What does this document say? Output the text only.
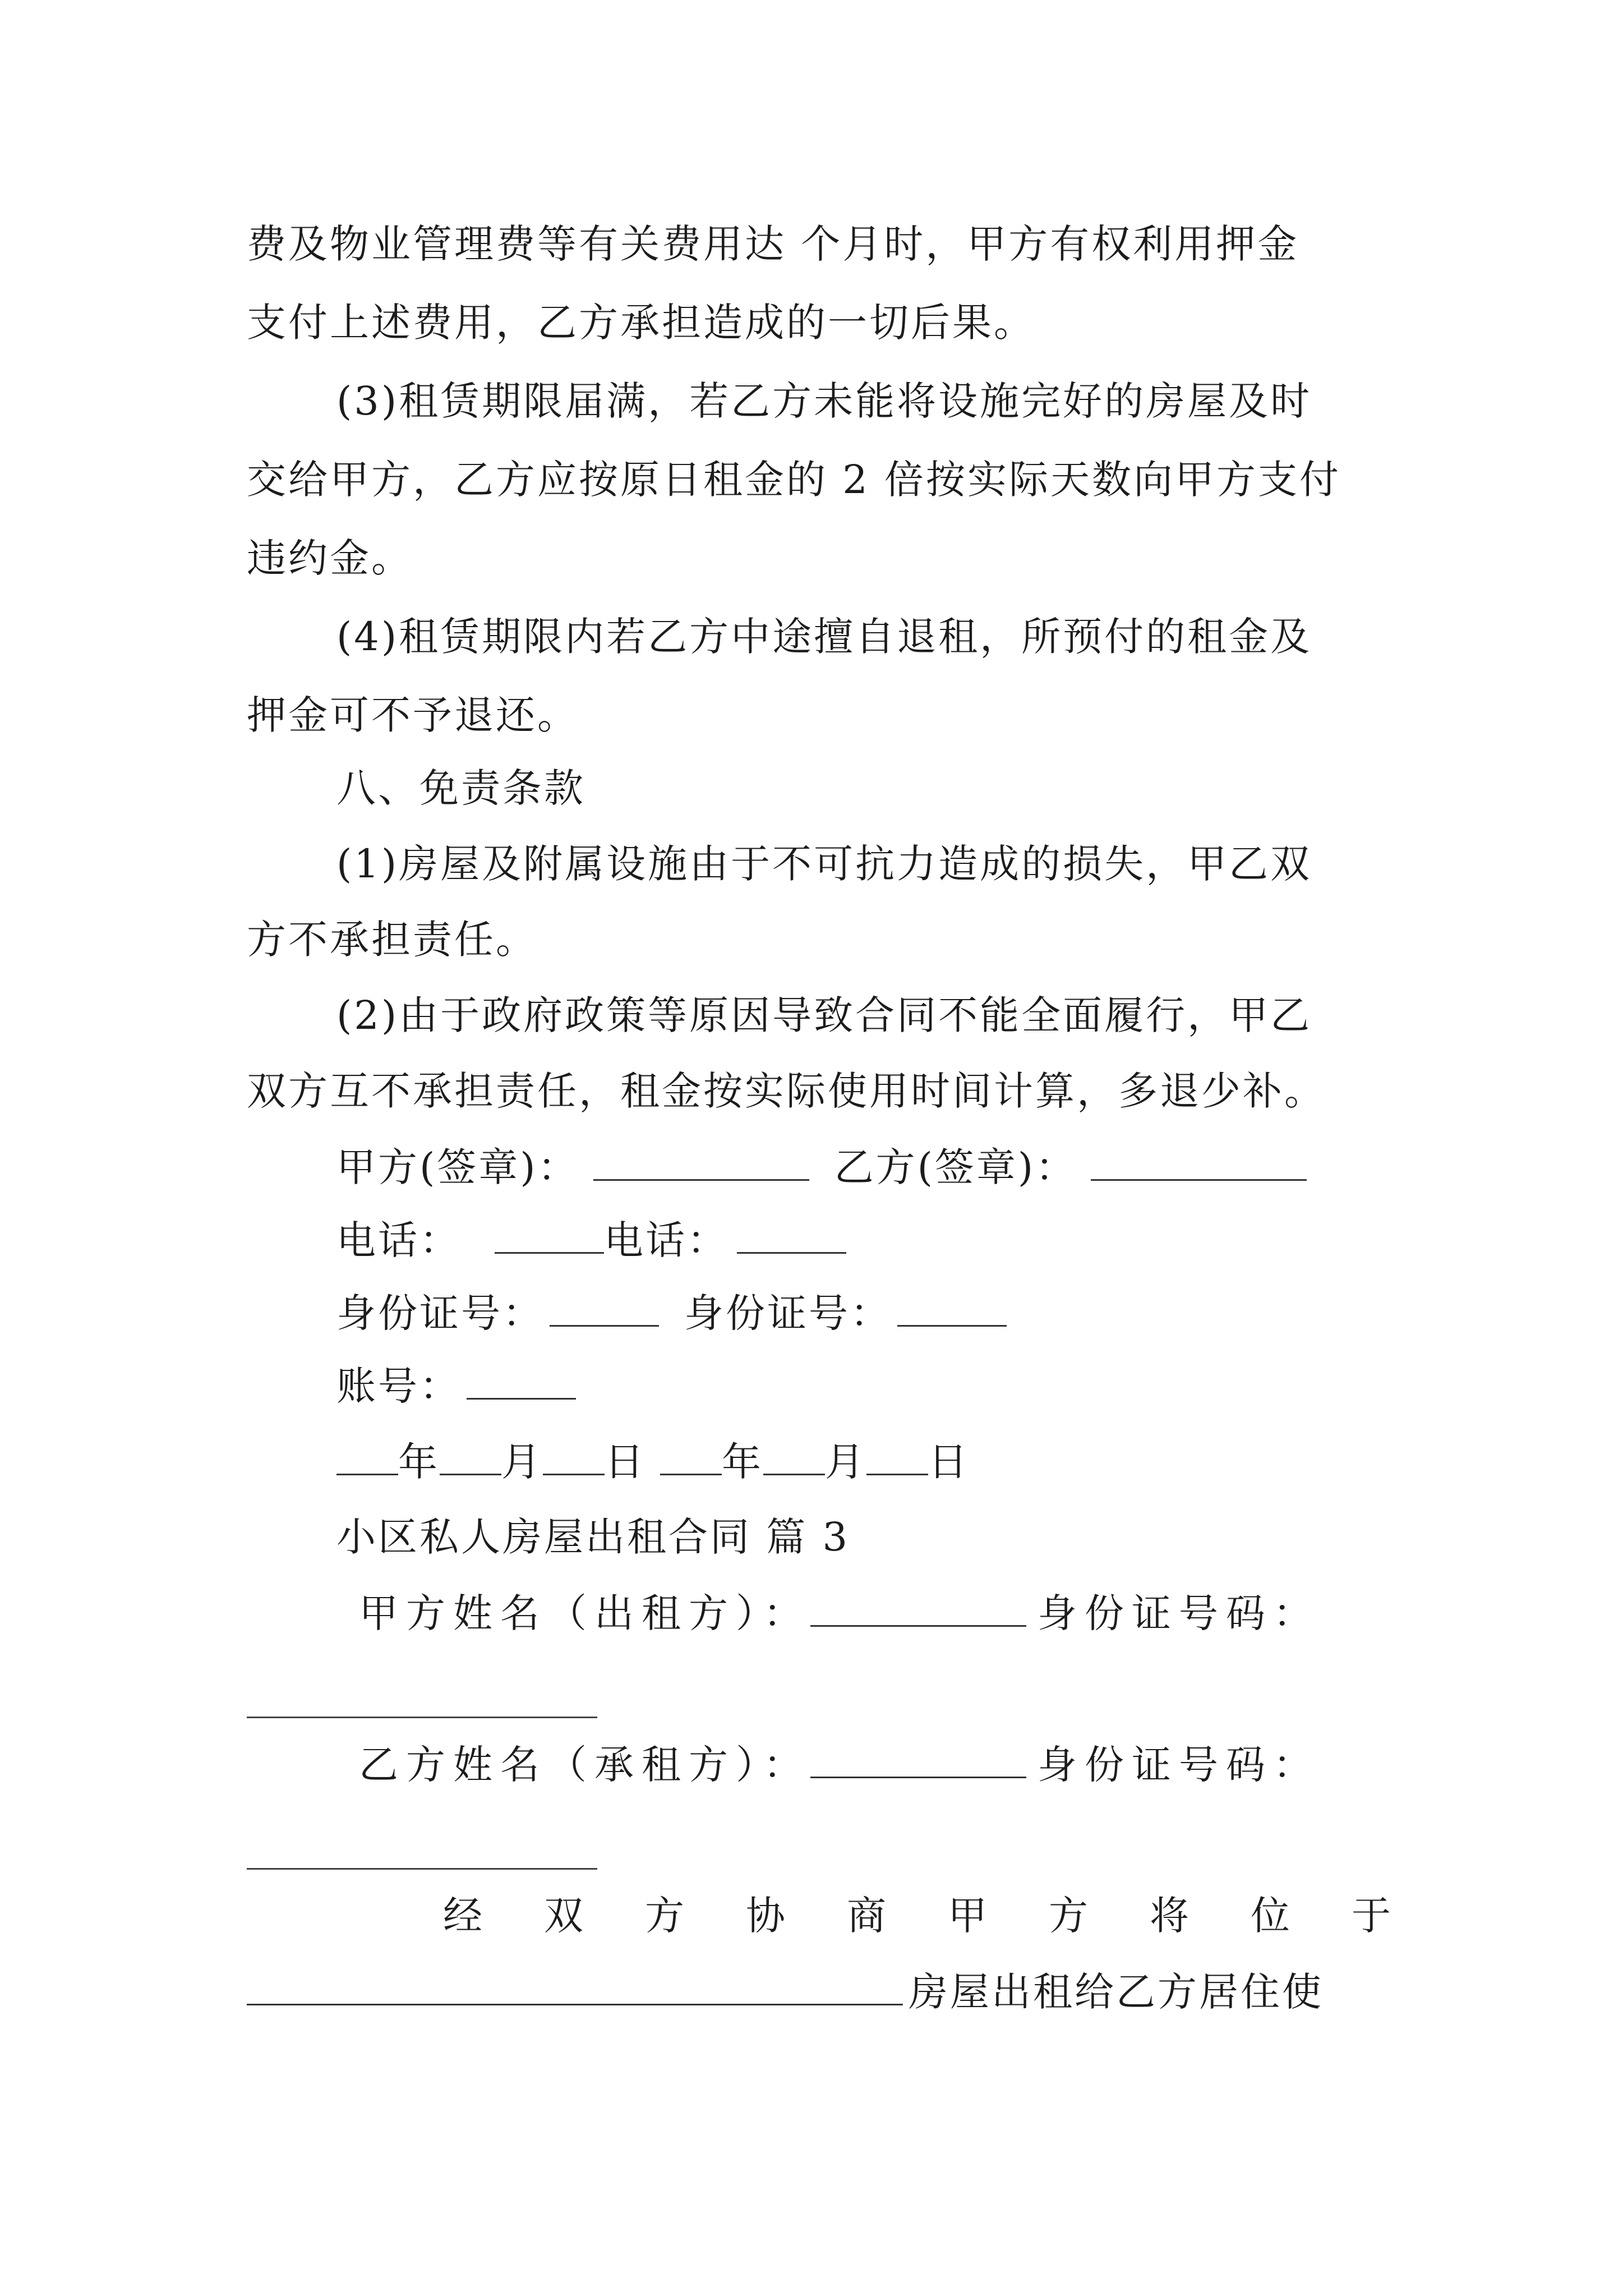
费及物业管理费等有关费用达 个月时，甲方有权利用押金
支付上述费用，乙方承担造成的一切后果。
(3)租赁期限届满，若乙方未能将设施完好的房屋及时
交给甲方，乙方应按原日租金的 2 倍按实际天数向甲方支付
违约金。
(4)租赁期限内若乙方中途擅自退租，所预付的租金及
押金可不予退还。
八、免责条款
(1)房屋及附属设施由于不可抗力造成的损失，甲乙双
方不承担责任。
(2)由于政府政策等原因导致合同不能全面履行，甲乙
双方互不承担责任，租金按实际使用时间计算，多退少补。
甲方(签章)：	乙方(签章)：
电话：	电话：
身份证号：	身份证号：
账号：
年 月 日 年 月 日
小区私人房屋出租合同 篇 3
甲方姓名（出租方）：	身份证号码：
乙方姓名（承租方）：	身份证号码：
经 双 方 协 商 甲 方 将 位 于
房屋出租给乙方居住使
